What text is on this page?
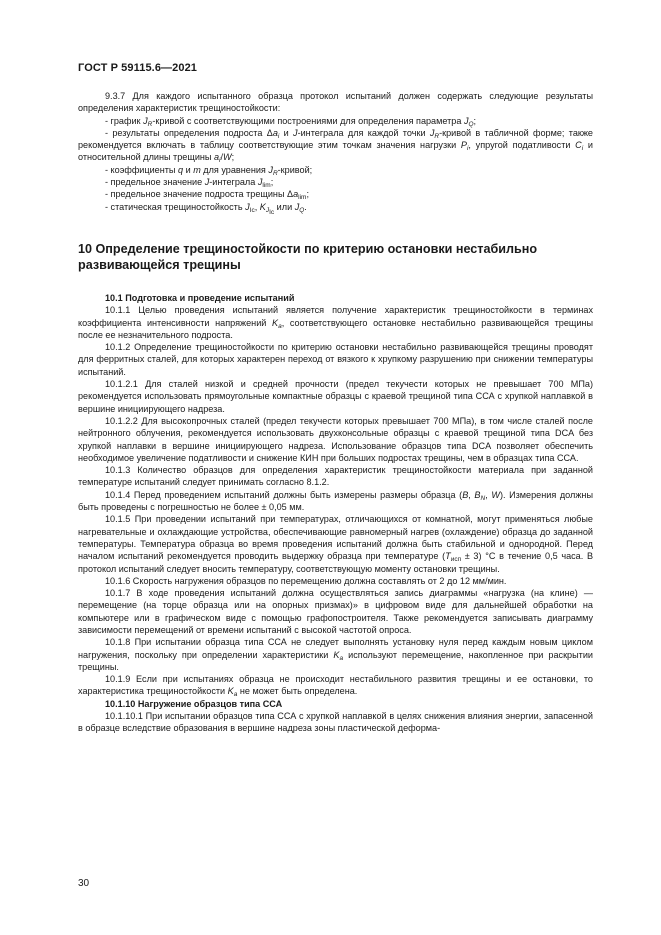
ГОСТ Р 59115.6—2021

9.3.7 Для каждого испытанного образца протокол испытаний должен содержать следующие результаты определения характеристик трещиностойкости:

- график $J_R$-кривой с соответствующими построениями для определения параметра $J_Q$;

- результаты определения подроста $\Delta a_i$ и J-интеграла для каждой точки $J_R$-кривой в табличной форме; также рекомендуется включать в таблицу соответствующие этим точкам значения нагрузки $P_i$, упругой податливости $C_i$ и относительной длины трещины $a_i/W$;

- коэффициенты q и m для уравнения $J_R$-кривой;

- предельное значение J-интеграла $J_{lim}$;

- предельное значение подроста трещины $\Delta a_{lim}$;

- статическая трещиностойкость $J_{Ic}$, $K_{J_{Ic}}$ или $J_Q$.

10 Определение трещиностойкости по критерию остановки нестабильно развивающейся трещины

10.1 Подготовка и проведение испытаний

10.1.1 Целью проведения испытаний является получение характеристик трещиностойкости в терминах коэффициента интенсивности напряжений $K_a$, соответствующего остановке нестабильно развивающейся трещины после ее незначительного подроста.

10.1.2 Определение трещиностойкости по критерию остановки нестабильно развивающейся трещины проводят для ферритных сталей, для которых характерен переход от вязкого к хрупкому разрушению при снижении температуры испытаний.

10.1.2.1 Для сталей низкой и средней прочности (предел текучести которых не превышает 700 МПа) рекомендуется использовать прямоугольные компактные образцы с краевой трещиной типа ССА с хрупкой наплавкой в вершине инициирующего надреза.

10.1.2.2 Для высокопрочных сталей (предел текучести которых превышает 700 МПа), в том числе сталей после нейтронного облучения, рекомендуется использовать двухконсольные образцы с краевой трещиной типа DCA без хрупкой наплавки в вершине инициирующего надреза. Использование образцов типа DCA позволяет обеспечить необходимое увеличение податливости и снижение КИН при больших подростах трещины, чем в образцах типа ССА.

10.1.3 Количество образцов для определения характеристик трещиностойкости материала при заданной температуре испытаний следует принимать согласно 8.1.2.

10.1.4 Перед проведением испытаний должны быть измерены размеры образца (B, $B_N$, W). Измерения должны быть проведены с погрешностью не более ± 0,05 мм.

10.1.5 При проведении испытаний при температурах, отличающихся от комнатной, могут применяться любые нагревательные и охлаждающие устройства, обеспечивающие равномерный нагрев (охлаждение) образца до заданной температуры. Температура образца во время проведения испытаний должна быть стабильной и однородной. Перед началом испытаний рекомендуется проводить выдержку образца при температуре $(T_{исп} \pm 3)$ °С в течение 0,5 часа. В протокол испытаний следует вносить температуру, соответствующую моменту остановки трещины.

10.1.6 Скорость нагружения образцов по перемещению должна составлять от 2 до 12 мм/мин.

10.1.7 В ходе проведения испытаний должна осуществляться запись диаграммы «нагрузка (на клине) — перемещение (на торце образца или на опорных призмах)» в цифровом виде для дальнейшей обработки на компьютере или в графическом виде с помощью графопостроителя. Также рекомендуется записывать диаграмму зависимости перемещений от времени испытаний с высокой частотой опроса.

10.1.8 При испытании образца типа ССА не следует выполнять установку нуля перед каждым новым циклом нагружения, поскольку при определении характеристики $K_a$ используют перемещение, накопленное при раскрытии трещины.

10.1.9 Если при испытаниях образца не происходит нестабильного развития трещины и ее остановки, то характеристика трещиностойкости $K_a$ не может быть определена.

10.1.10 Нагружение образцов типа ССА

10.1.10.1 При испытании образцов типа ССА с хрупкой наплавкой в целях снижения влияния энергии, запасенной в образце вследствие образования в вершине надреза зоны пластической деформа-

30
